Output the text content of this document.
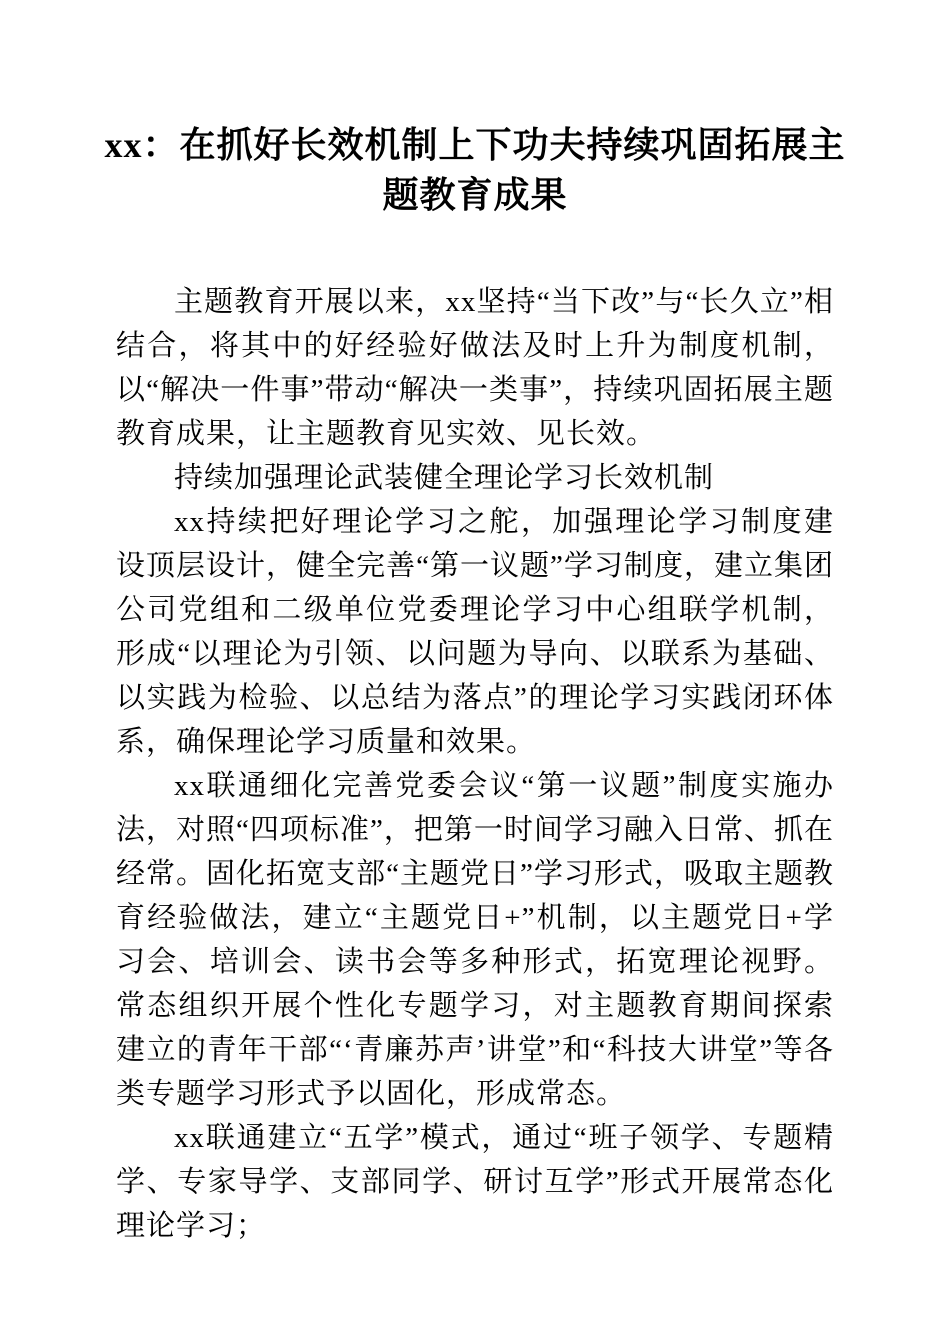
xx：在抓好长效机制上下功夫持续巩固拓展主题教育成果

主题教育开展以来，xx坚持“当下改”与“长久立”相结合，将其中的好经验好做法及时上升为制度机制，以“解决一件事”带动“解决一类事”，持续巩固拓展主题教育成果，让主题教育见实效、见长效。

持续加强理论武装健全理论学习长效机制

xx持续把好理论学习之舵，加强理论学习制度建设顶层设计，健全完善“第一议题”学习制度，建立集团公司党组和二级单位党委理论学习中心组联学机制，形成“以理论为引领、以问题为导向、以联系为基础、以实践为检验、以总结为落点”的理论学习实践闭环体系，确保理论学习质量和效果。

xx联通细化完善党委会议“第一议题”制度实施办法，对照“四项标准”，把第一时间学习融入日常、抓在经常。固化拓宽支部“主题党日”学习形式，吸取主题教育经验做法，建立“主题党日+”机制，以主题党日+学习会、培训会、读书会等多种形式，拓宽理论视野。常态组织开展个性化专题学习，对主题教育期间探索建立的青年干部“‘青廉苏声’讲堂”和“科技大讲堂”等各类专题学习形式予以固化，形成常态。

xx联通建立“五学”模式，通过“班子领学、专题精学、专家导学、支部同学、研讨互学”形式开展常态化理论学习；
